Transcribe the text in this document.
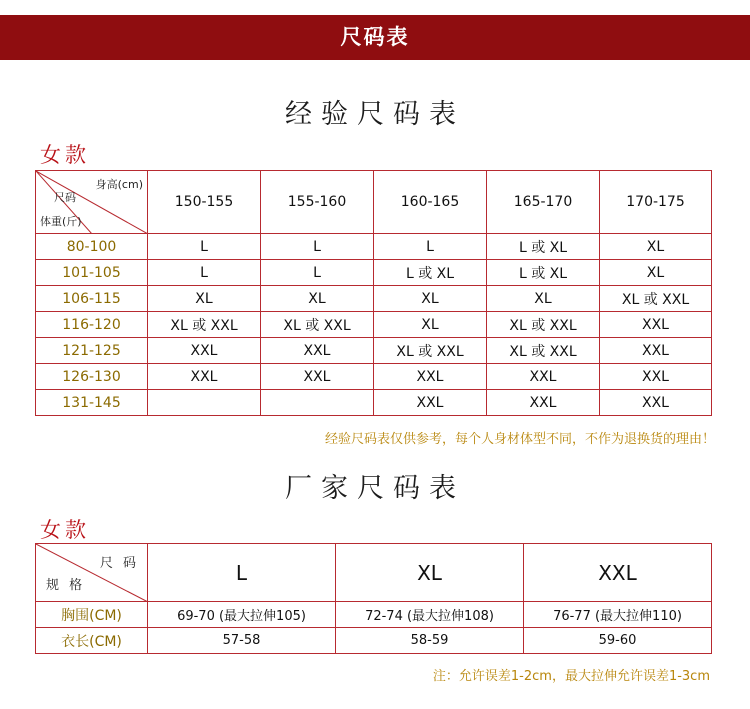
尺码表
经验尺码表
女款
身高(cm)
尺码
体重(斤)	150-155	155-160	160-165	165-170	170-175
80-100	L	L	L	L 或 XL	XL
101-105	L	L	L 或 XL	L 或 XL	XL
106-115	XL	XL	XL	XL	XL 或 XXL
116-120	XL 或 XXL	XL 或 XXL	XL	XL 或 XXL	XXL
121-125	XXL	XXL	XL 或 XXL	XL 或 XXL	XXL
126-130	XXL	XXL	XXL	XXL	XXL
131-145			XXL	XXL	XXL
经验尺码表仅供参考，每个人身材体型不同，不作为退换货的理由！
厂家尺码表
女款
尺 码
规 格	L	XL	XXL
胸围(CM)	69-70 (最大拉伸105)	72-74 (最大拉伸108)	76-77 (最大拉伸110)
衣长(CM)	57-58	58-59	59-60
注：允许误差1-2cm，最大拉伸允许误差1-3cm
